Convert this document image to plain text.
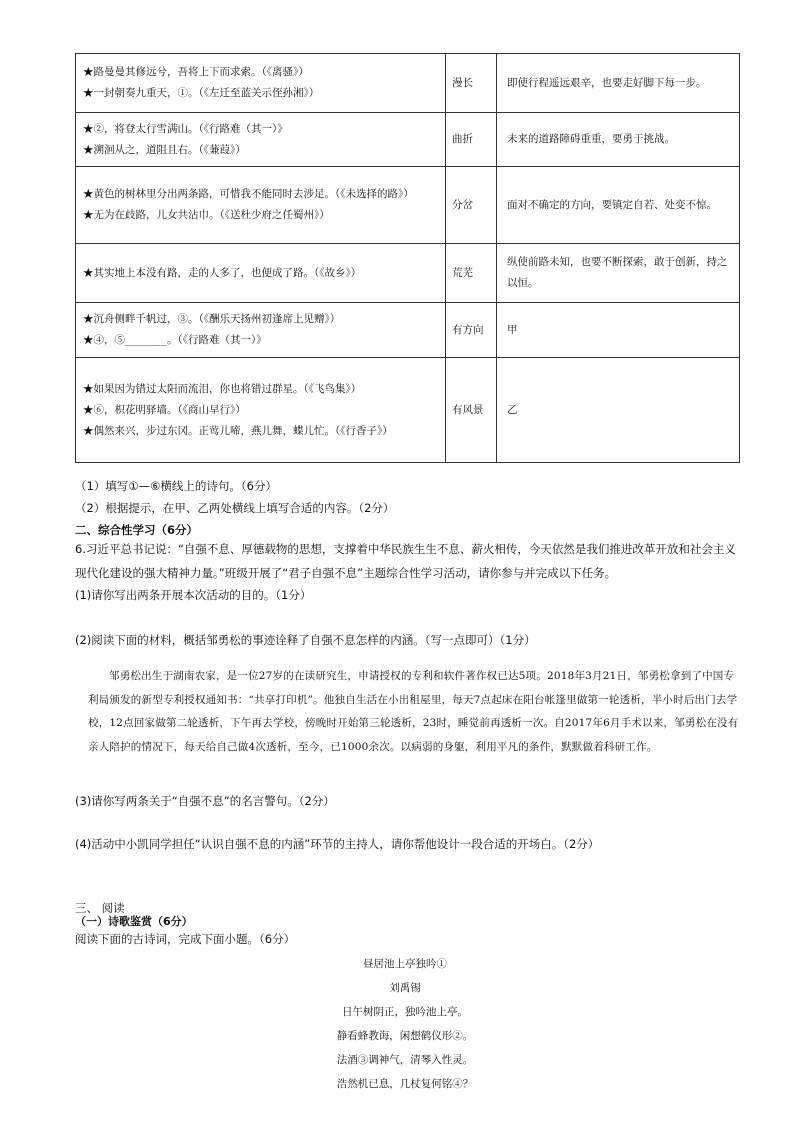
★路曼曼其修远兮，吾将上下而求索。（《离骚》）
★一封朝奏九重天，①。（《左迁至蓝关示侄孙湘》）	漫长	即使行程遥远艰辛，也要走好脚下每一步。

★②，将登太行雪满山。（《行路难（其一）》
★溯洄从之，道阻且右。（《蒹葭》）	曲折	未来的道路障碍重重，要勇于挑战。

★黄色的树林里分出两条路，可惜我不能同时去涉足。（《未选择的路》）
★无为在歧路，儿女共沾巾。（《送杜少府之任蜀州》）	分岔	面对不确定的方向，要镇定自若、处变不惊。

★其实地上本没有路，走的人多了，也便成了路。（《故乡》）	荒芜	纵使前路未知，也要不断探索，敢于创新，持之以恒。

★沉舟侧畔千帆过，③。（《酬乐天扬州初逢席上见赠》）
★④，⑤________。（《行路难（其一）》	有方向	甲

★如果因为错过太阳而流泪，你也将错过群星。（《飞鸟集》）
★⑥，枳花明驿墙。（《商山早行》）
★偶然来兴，步过东冈。正莺儿啼，燕儿舞，蝶儿忙。（《行香子》）	有风景	乙
（1）填写①—⑥横线上的诗句。（6分）
（2）根据提示，在甲、乙两处横线上填写合适的内容。（2分）
二、综合性学习（6分）
6.习近平总书记说：“自强不息、厚德载物的思想，支撑着中华民族生生不息、薪火相传，今天依然是我们推进改革开放和社会主义现代化建设的强大精神力量。”班级开展了“君子自强不息”主题综合性学习活动，请你参与并完成以下任务。
(1)请你写出两条开展本次活动的目的。（1分）
(2)阅读下面的材料，概括邹勇松的事迹诠释了自强不息怎样的内涵。（写一点即可）（1分）
邹勇松出生于湖南农家，是一位27岁的在读研究生，申请授权的专利和软件著作权已达5项。2018年3月21日，邹勇松拿到了中国专利局颁发的新型专利授权通知书：“共享打印机”。他独自生活在小出租屋里，每天7点起床在阳台帐篷里做第一轮透析，半小时后出门去学校，12点回家做第二轮透析，下午再去学校，傍晚时开始第三轮透析，23时，睡觉前再透析一次。自2017年6月手术以来，邹勇松在没有亲人陪护的情况下，每天给自己做4次透析，至今，已1000余次。以病弱的身躯，利用平凡的条件，默默做着科研工作。
(3)请你写两条关于“自强不息”的名言警句。（2分）
(4)活动中小凯同学担任“认识自强不息的内涵”环节的主持人，请你帮他设计一段合适的开场白。（2分）
三、 阅读
（一）诗歌鉴赏（6分）
阅读下面的古诗词，完成下面小题。（6分）
昼居池上亭独吟①
刘禹锡
日午树阴正，独吟池上亭。
静看蜂教诲，闲想鹤仪形②。
法酒③调神气，清琴入性灵。
浩然机已息，几杖复何铭④？
